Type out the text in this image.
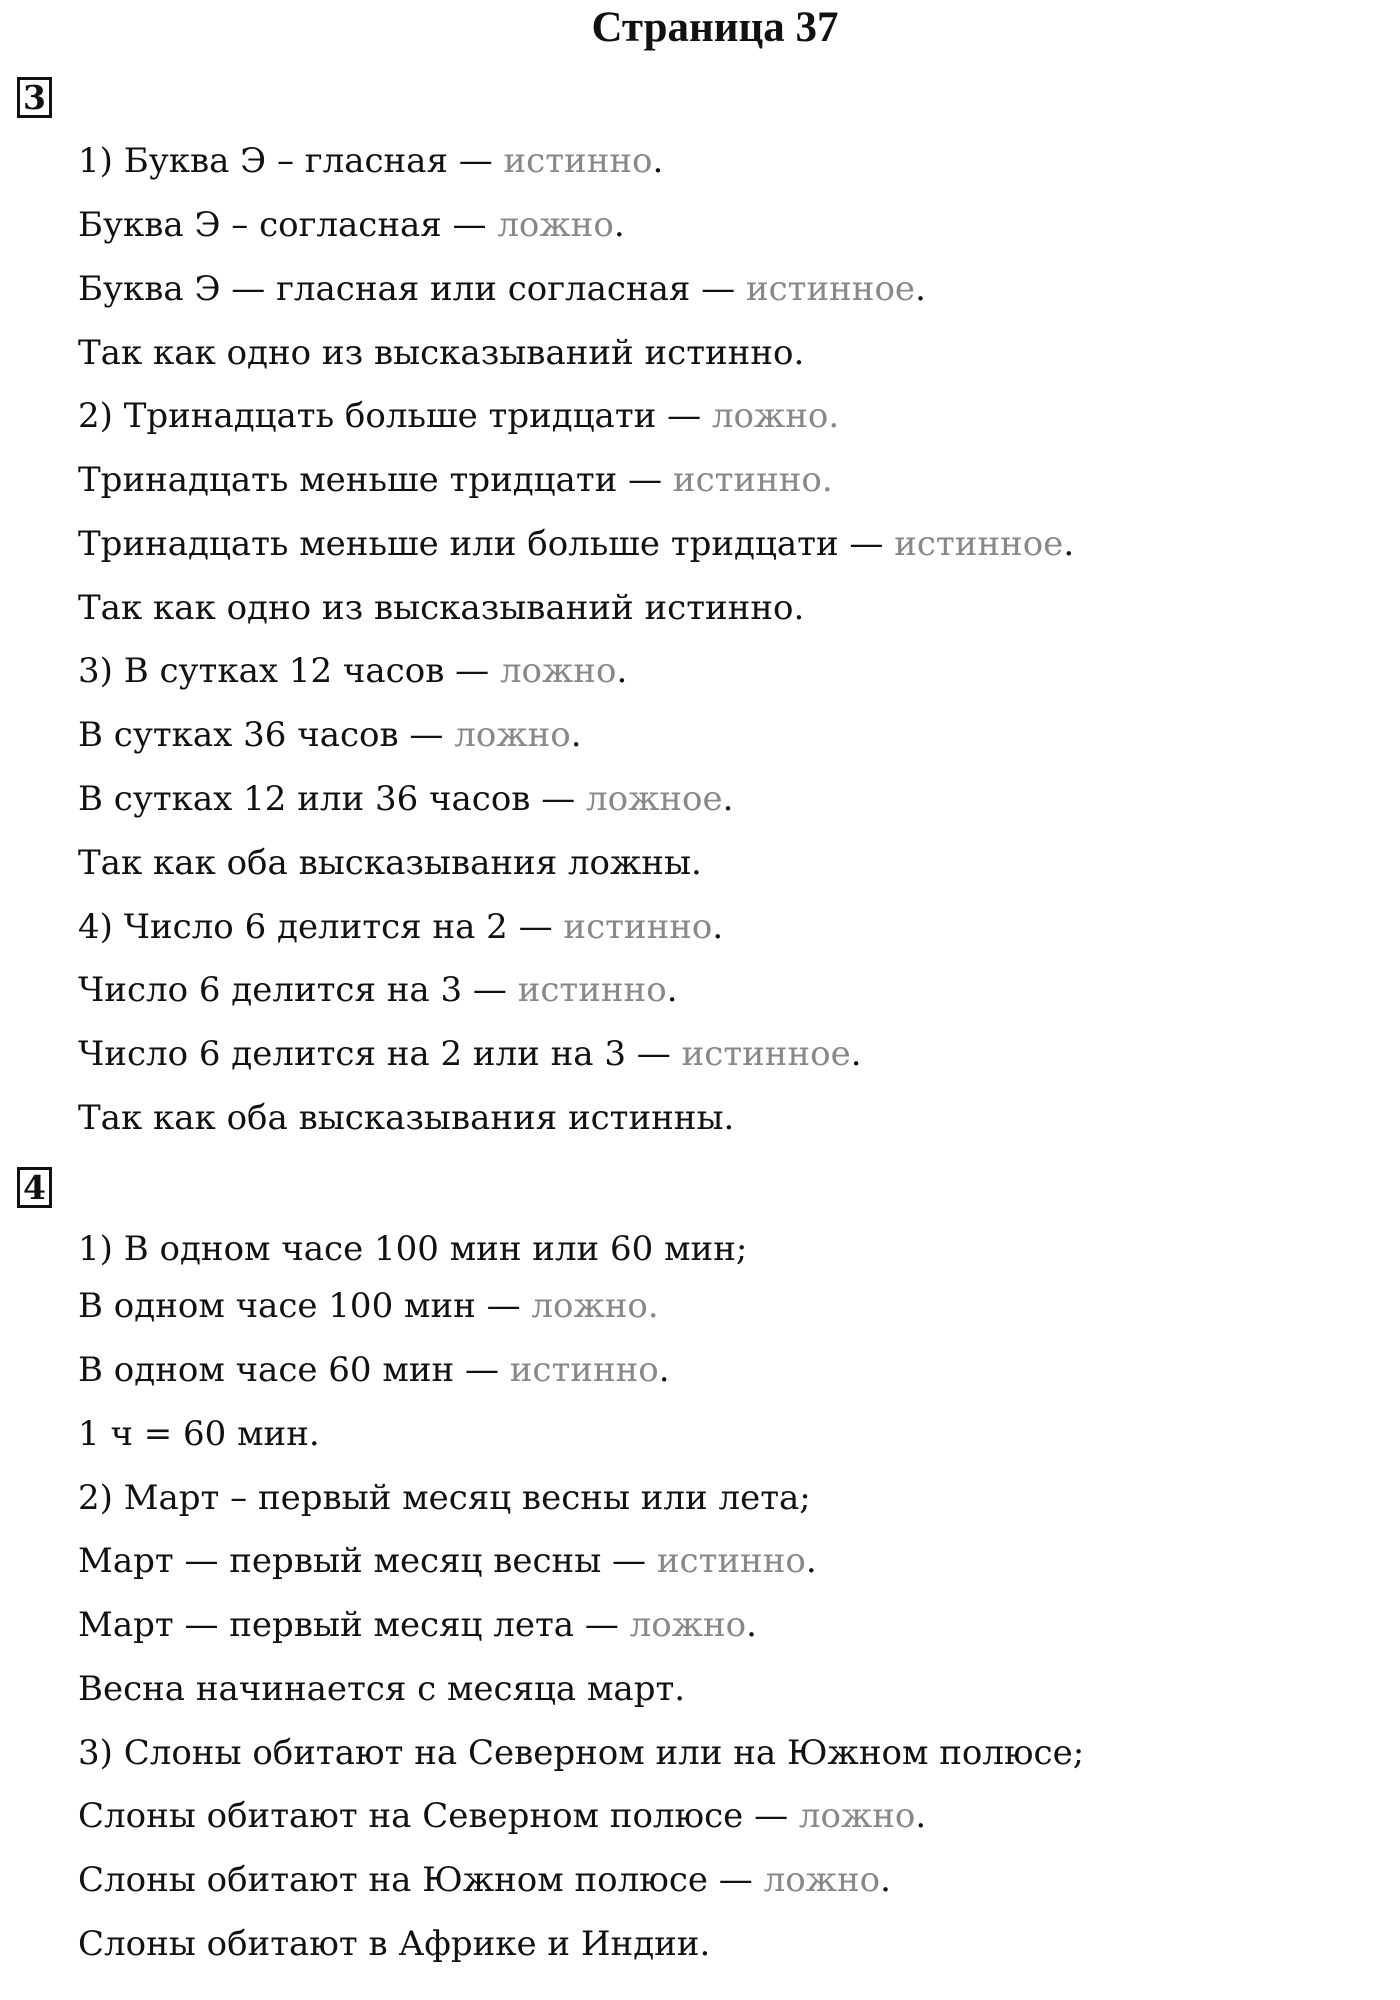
Страница 37
3
1) Буква Э – гласная — истинно.
Буква Э – согласная — ложно.
Буква Э — гласная или согласная — истинное.
Так как одно из высказываний истинно.
2) Тринадцать больше тридцати — ложно.
Тринадцать меньше тридцати — истинно.
Тринадцать меньше или больше тридцати — истинное.
Так как одно из высказываний истинно.
3) В сутках 12 часов — ложно.
В сутках 36 часов — ложно.
В сутках 12 или 36 часов — ложное.
Так как оба высказывания ложны.
4) Число 6 делится на 2 — истинно.
Число 6 делится на 3 — истинно.
Число 6 делится на 2 или на 3 — истинное.
Так как оба высказывания истинны.
4
1) В одном часе 100 мин или 60 мин;
В одном часе 100 мин — ложно.
В одном часе 60 мин — истинно.
1 ч = 60 мин.
2) Март – первый месяц весны или лета;
Март — первый месяц весны — истинно.
Март — первый месяц лета — ложно.
Весна начинается с месяца март.
3) Слоны обитают на Северном или на Южном полюсе;
Слоны обитают на Северном полюсе — ложно.
Слоны обитают на Южном полюсе — ложно.
Слоны обитают в Африке и Индии.
